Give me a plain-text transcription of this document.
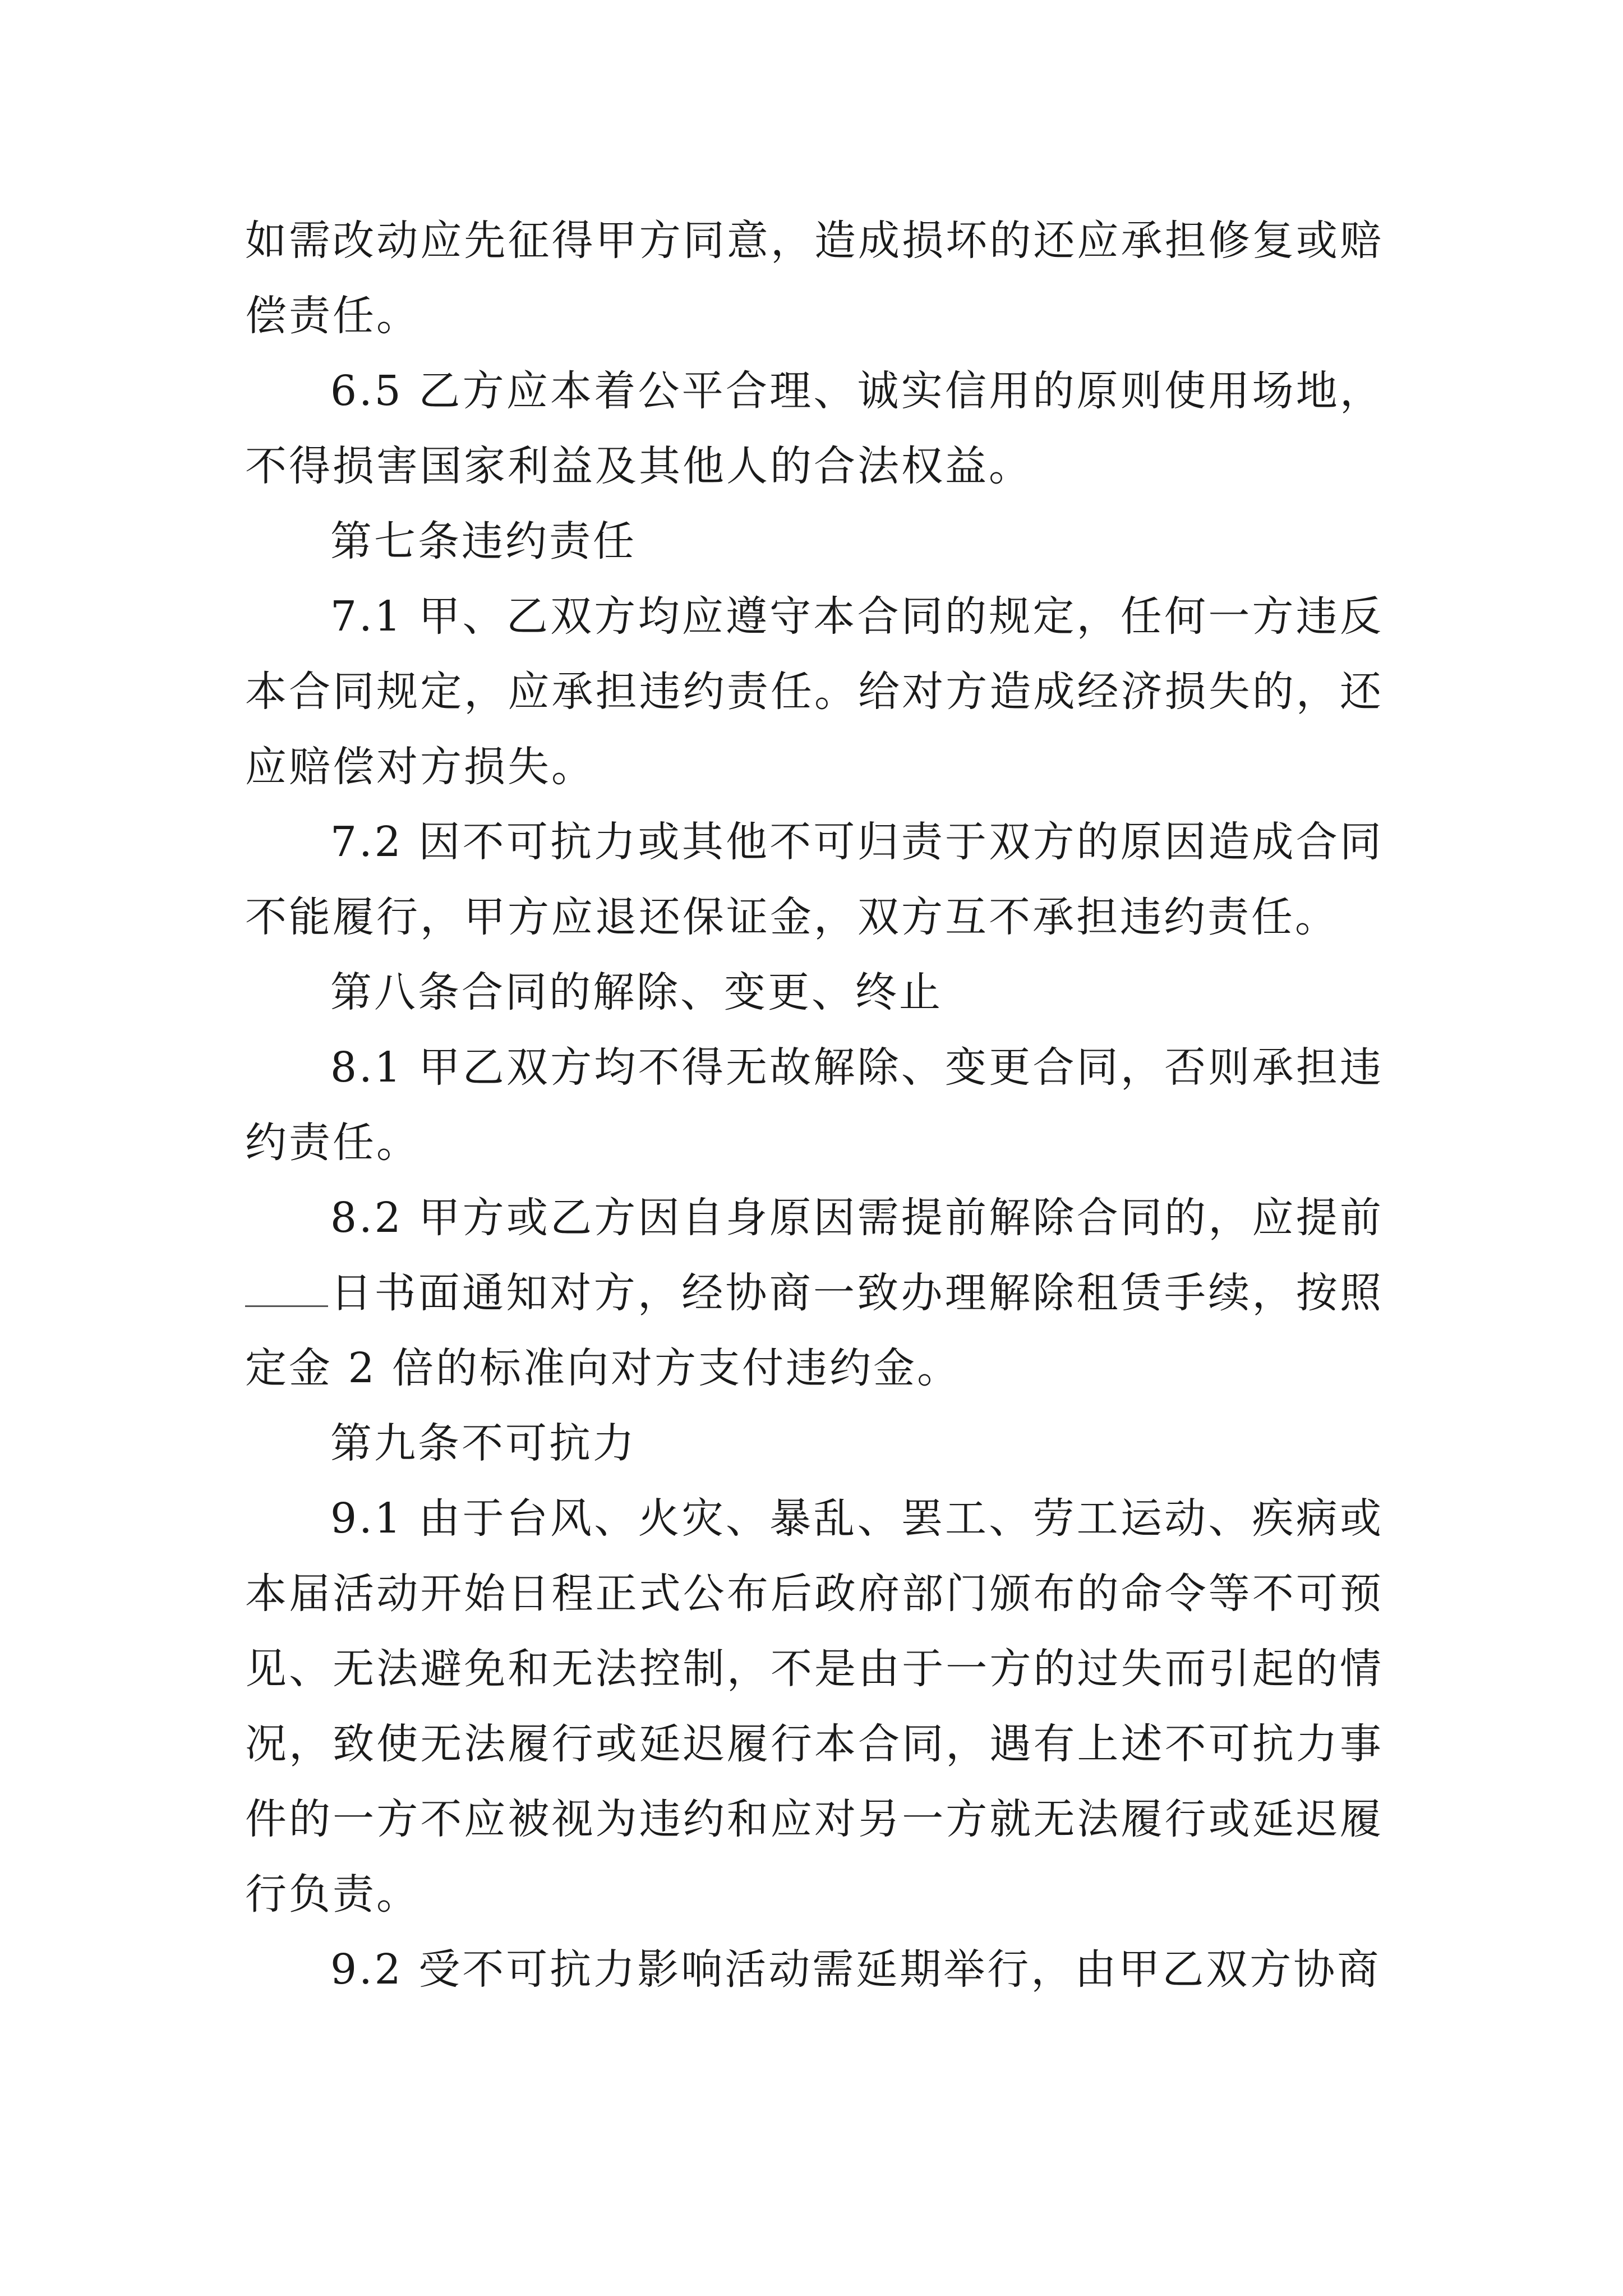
如需改动应先征得甲方同意，造成损坏的还应承担修复或赔偿责任。

6.5 乙方应本着公平合理、诚实信用的原则使用场地，不得损害国家利益及其他人的合法权益。

第七条违约责任

7.1 甲、乙双方均应遵守本合同的规定，任何一方违反本合同规定，应承担违约责任。给对方造成经济损失的，还应赔偿对方损失。

7.2 因不可抗力或其他不可归责于双方的原因造成合同不能履行，甲方应退还保证金，双方互不承担违约责任。

第八条合同的解除、变更、终止

8.1 甲乙双方均不得无故解除、变更合同，否则承担违约责任。

8.2 甲方或乙方因自身原因需提前解除合同的，应提前日书面通知对方，经协商一致办理解除租赁手续，按照定金 2 倍的标准向对方支付违约金。

第九条不可抗力

9.1 由于台风、火灾、暴乱、罢工、劳工运动、疾病或本届活动开始日程正式公布后政府部门颁布的命令等不可预见、无法避免和无法控制，不是由于一方的过失而引起的情况，致使无法履行或延迟履行本合同，遇有上述不可抗力事件的一方不应被视为违约和应对另一方就无法履行或延迟履行负责。

9.2 受不可抗力影响活动需延期举行，由甲乙双方协商
